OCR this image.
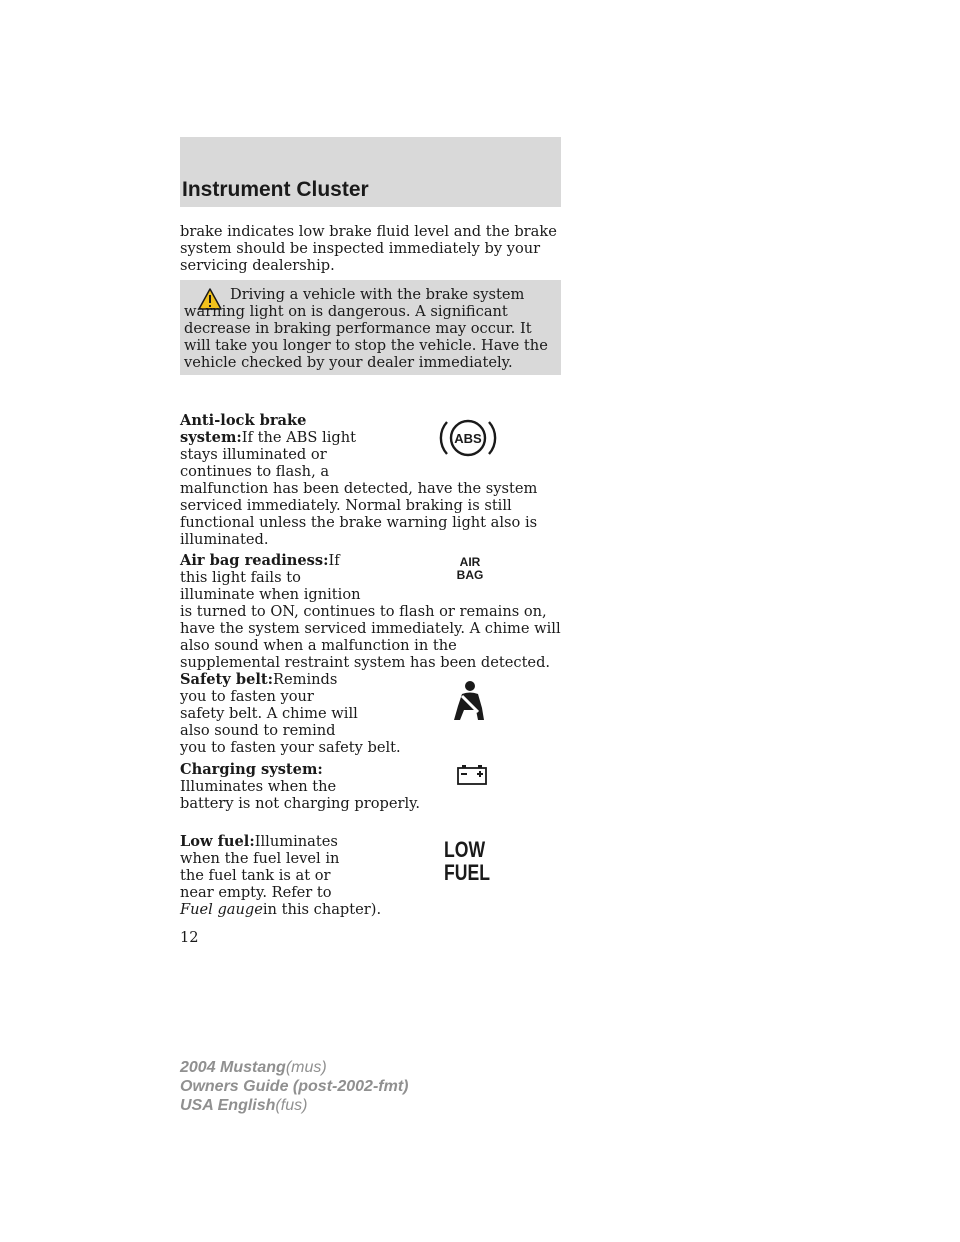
Instrument Cluster
brake indicates low brake fluid level and the brake system should be inspected immediately by your servicing dealership.
Driving a vehicle with the brake system warning light on is dangerous. A significant decrease in braking performance may occur. It will take you longer to stop the vehicle. Have the vehicle checked by your dealer immediately.
Anti-lock brake system:If the ABS light stays illuminated or continues to flash, a malfunction has been detected, have the system serviced immediately. Normal braking is still functional unless the brake warning light also is illuminated.
ABS
Air bag readiness:If this light fails to illuminate when ignition is turned to ON, continues to flash or remains on, have the system serviced immediately. A chime will also sound when a malfunction in the supplemental restraint system has been detected.
AIR
BAG
Safety belt:Reminds you to fasten your safety belt. A chime will also sound to remind you to fasten your safety belt.
Charging system:
Illuminates when the battery is not charging properly.
Low fuel:Illuminates when the fuel level in the fuel tank is at or near empty. Refer to Fuel gaugein this chapter).
LOW
FUEL
12
2004 Mustang(mus)
Owners Guide (post-2002-fmt)
USA English(fus)
